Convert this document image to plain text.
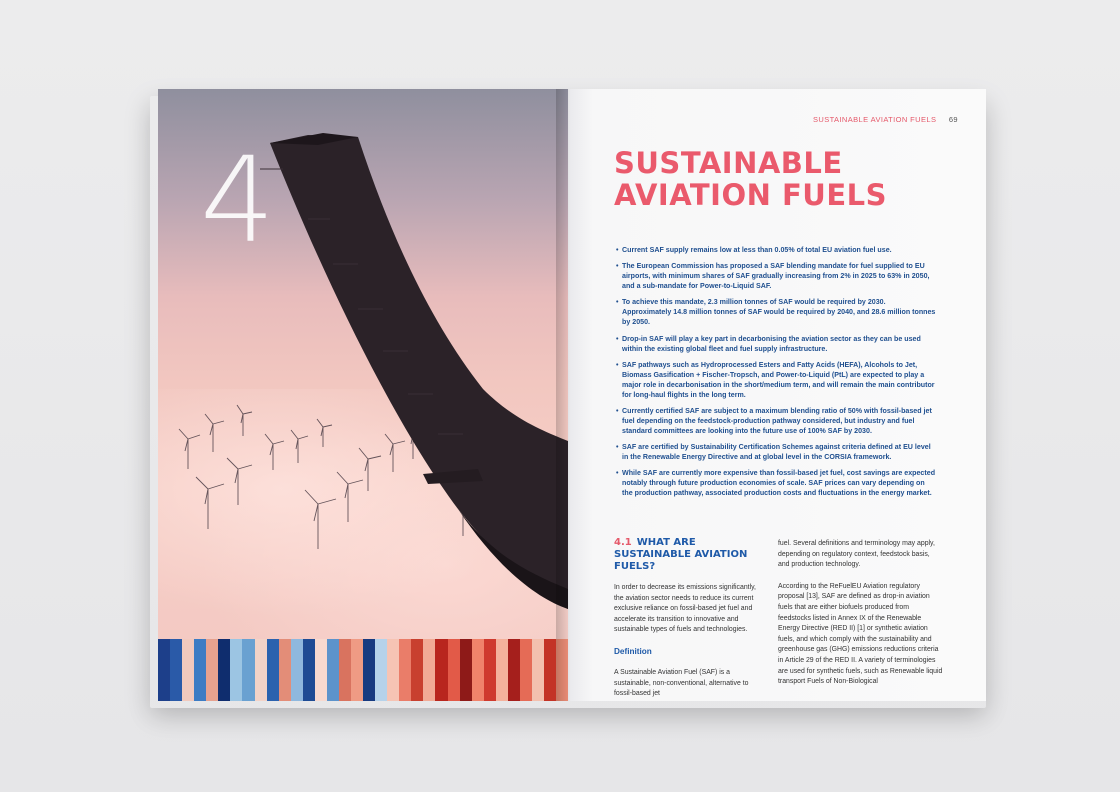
4
SUSTAINABLE AVIATION FUELS 69
SUSTAINABLE
AVIATION FUELS
• Current SAF supply remains low at less than 0.05% of total EU aviation fuel use.
• The European Commission has proposed a SAF blending mandate for fuel supplied to EU airports, with minimum shares of SAF gradually increasing from 2% in 2025 to 63% in 2050, and a sub-mandate for Power-to-Liquid SAF.
• To achieve this mandate, 2.3 million tonnes of SAF would be required by 2030. Approximately 14.8 million tonnes of SAF would be required by 2040, and 28.6 million tonnes by 2050.
• Drop-in SAF will play a key part in decarbonising the aviation sector as they can be used within the existing global fleet and fuel supply infrastructure.
• SAF pathways such as Hydroprocessed Esters and Fatty Acids (HEFA), Alcohols to Jet, Biomass Gasification + Fischer-Tropsch, and Power-to-Liquid (PtL) are expected to play a major role in decarbonisation in the short/medium term, and will remain the main contributor for long-haul flights in the long term.
• Currently certified SAF are subject to a maximum blending ratio of 50% with fossil-based jet fuel depending on the feedstock-production pathway considered, but industry and fuel standard committees are looking into the future use of 100% SAF by 2030.
• SAF are certified by Sustainability Certification Schemes against criteria defined at EU level in the Renewable Energy Directive and at global level in the CORSIA framework.
• While SAF are currently more expensive than fossil-based jet fuel, cost savings are expected notably through future production economies of scale. SAF prices can vary depending on the production pathway, associated production costs and fluctuations in the energy market.
4.1 WHAT ARE SUSTAINABLE AVIATION FUELS?

In order to decrease its emissions significantly, the aviation sector needs to reduce its current exclusive reliance on fossil-based jet fuel and accelerate its transition to innovative and sustainable types of fuels and technologies.

Definition

A Sustainable Aviation Fuel (SAF) is a sustainable, non-conventional, alternative to fossil-based jet

fuel. Several definitions and terminology may apply, depending on regulatory context, feedstock basis, and production technology.

According to the ReFuelEU Aviation regulatory proposal [13], SAF are defined as drop-in aviation fuels that are either biofuels produced from feedstocks listed in Annex IX of the Renewable Energy Directive (RED II) [1] or synthetic aviation fuels, and which comply with the sustainability and greenhouse gas (GHG) emissions reductions criteria in Article 29 of the RED II. A variety of terminologies are used for synthetic fuels, such as Renewable liquid transport Fuels of Non-Biological
